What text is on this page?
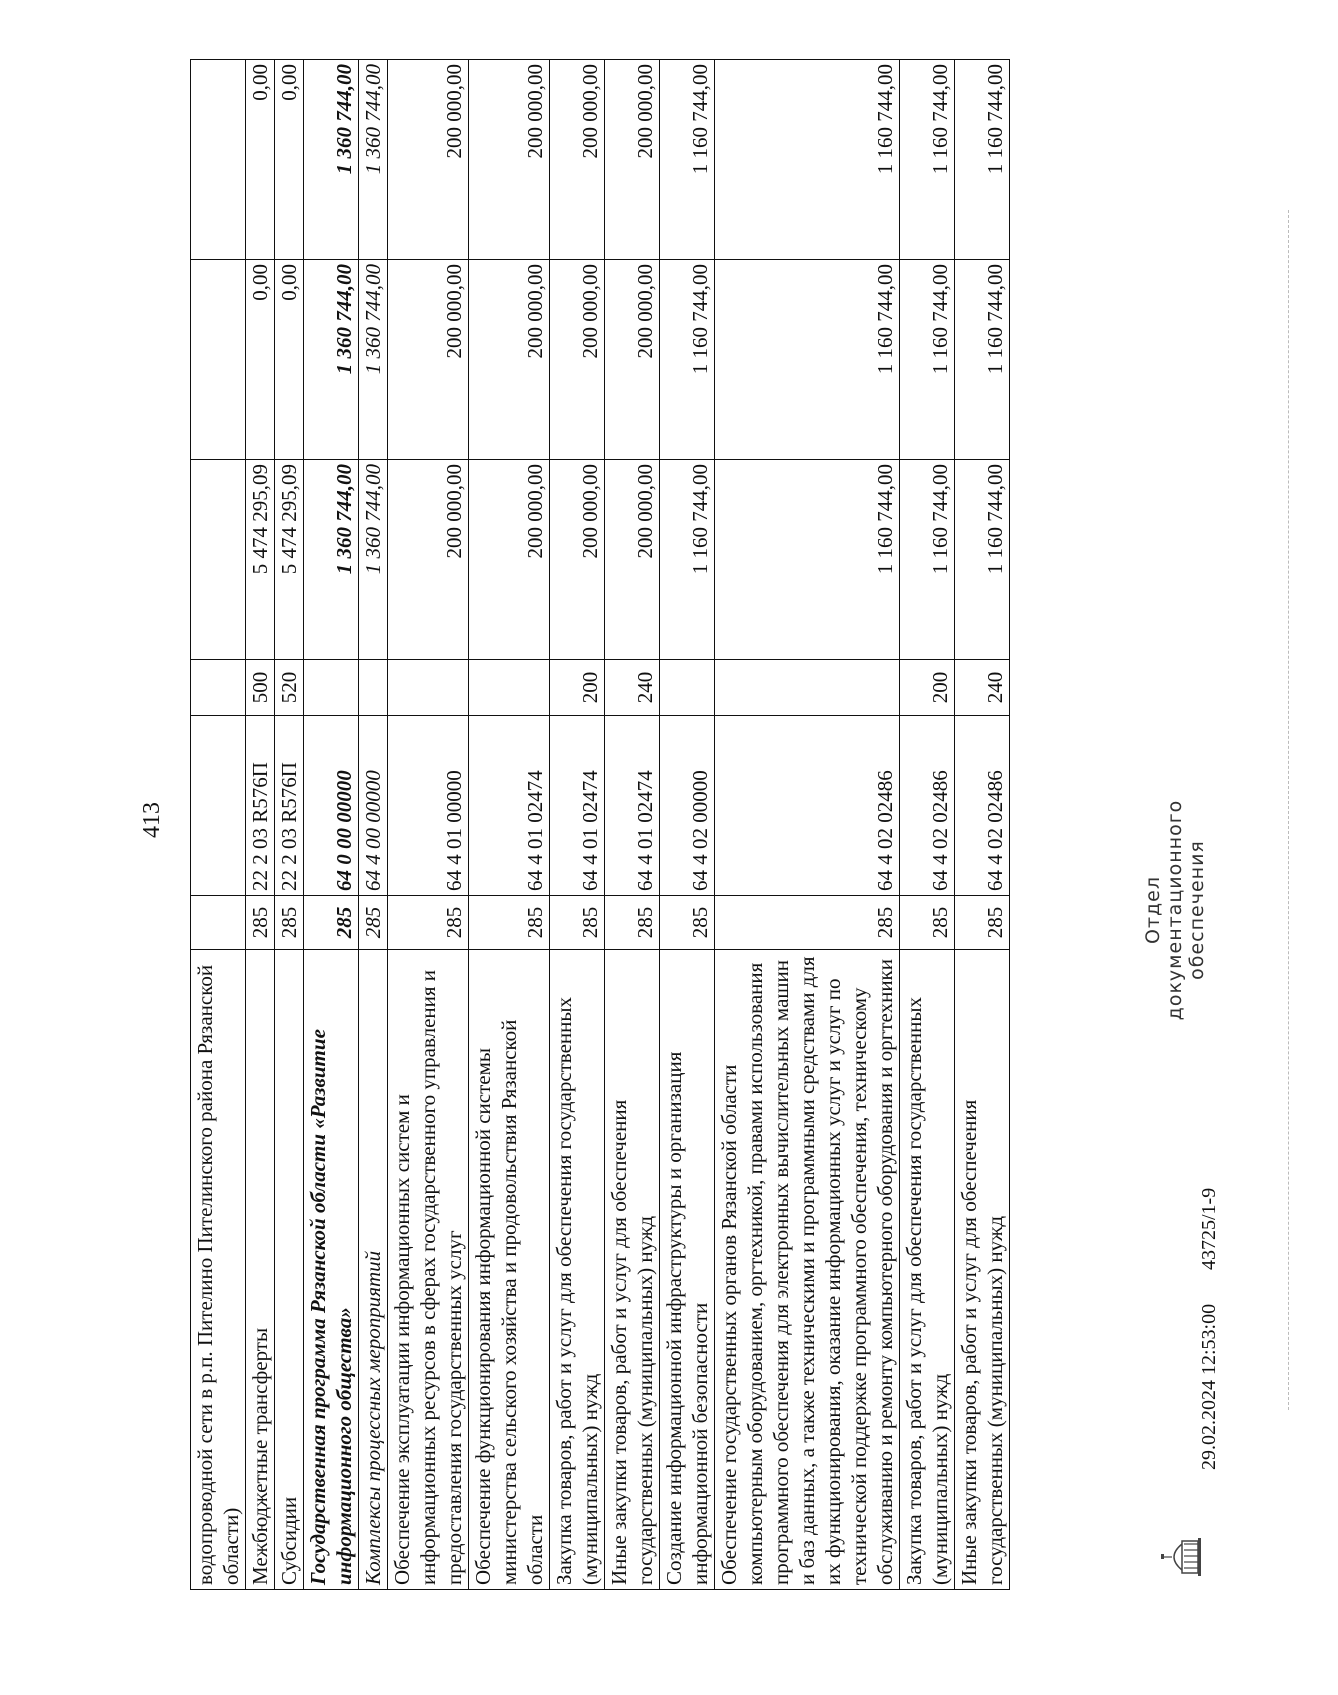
413
водопроводной сети в р.п. Пителино Пителинского района Рязанской области)						
Межбюджетные трансферты	285	22 2 03 R576П	500	5 474 295,09	0,00	0,00
Субсидии	285	22 2 03 R576П	520	5 474 295,09	0,00	0,00
Государственная программа Рязанской области «Развитие информационного общества»	285	64 0 00 00000		1 360 744,00	1 360 744,00	1 360 744,00
Комплексы процессных мероприятий	285	64 4 00 00000		1 360 744,00	1 360 744,00	1 360 744,00
Обеспечение эксплуатации информационных систем и информационных ресурсов в сферах государственного управления и предоставления государственных услуг	285	64 4 01 00000		200 000,00	200 000,00	200 000,00
Обеспечение функционирования информационной системы министерства сельского хозяйства и продовольствия Рязанской области	285	64 4 01 02474		200 000,00	200 000,00	200 000,00
Закупка товаров, работ и услуг для обеспечения государственных (муниципальных) нужд	285	64 4 01 02474	200	200 000,00	200 000,00	200 000,00
Иные закупки товаров, работ и услуг для обеспечения государственных (муниципальных) нужд	285	64 4 01 02474	240	200 000,00	200 000,00	200 000,00
Создание информационной инфраструктуры и организация информационной безопасности	285	64 4 02 00000		1 160 744,00	1 160 744,00	1 160 744,00
Обеспечение государственных органов Рязанской области компьютерным оборудованием, оргтехникой, правами использования программного обеспечения для электронных вычислительных машин и баз данных, а также техническими и программными средствами для их функционирования, оказание информационных услуг и услуг по технической поддержке программного обеспечения, техническому обслуживанию и ремонту компьютерного оборудования и оргтехники	285	64 4 02 02486		1 160 744,00	1 160 744,00	1 160 744,00
Закупка товаров, работ и услуг для обеспечения государственных (муниципальных) нужд	285	64 4 02 02486	200	1 160 744,00	1 160 744,00	1 160 744,00
Иные закупки товаров, работ и услуг для обеспечения государственных (муниципальных) нужд	285	64 4 02 02486	240	1 160 744,00	1 160 744,00	1 160 744,00
29.02.2024 12:53:00
43725/1-9
Отдел документационного обеспечения
